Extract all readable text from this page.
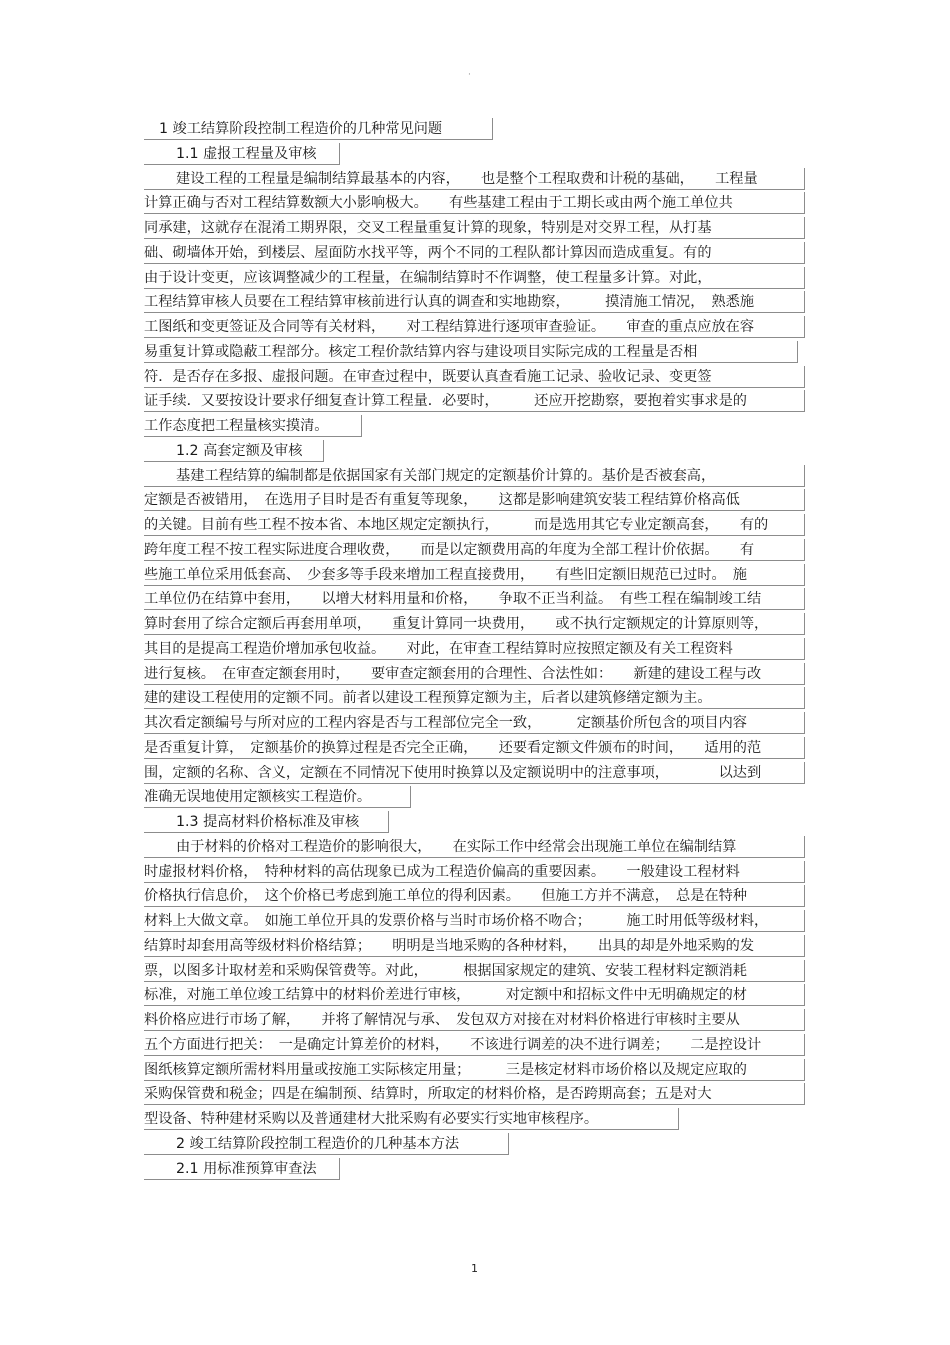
·
1 竣工结算阶段控制工程造价的几种常见问题
1.1 虚报工程量及审核
建设工程的工程量是编制结算最基本的内容，　　也是整个工程取费和计税的基础，　　工程量
计算正确与否对工程结算数额大小影响极大。　　有些基建工程由于工期长或由两个施工单位共
同承建，这就存在混淆工期界限，交叉工程量重复计算的现象，特别是对交界工程，从打基
础、砌墙体开始，到楼层、屋面防水找平等，两个不同的工程队都计算因而造成重复。有的
由于设计变更，应该调整减少的工程量，在编制结算时不作调整，使工程量多计算。对此，
工程结算审核人员要在工程结算审核前进行认真的调查和实地勘察，　　　摸清施工情况，　熟悉施
工图纸和变更签证及合同等有关材料，　　对工程结算进行逐项审查验证。　　审查的重点应放在容
易重复计算或隐蔽工程部分。核定工程价款结算内容与建设项目实际完成的工程量是否相
符．是否存在多报、虚报问题。在审查过程中，既要认真查看施工记录、验收记录、变更签
证手续．又要按设计要求仔细复查计算工程量．必要时，　　　还应开挖勘察，要抱着实事求是的
工作态度把工程量核实摸清。
1.2 高套定额及审核
基建工程结算的编制都是依据国家有关部门规定的定额基价计算的。基价是否被套高，
定额是否被错用，　在选用子目时是否有重复等现象，　　这都是影响建筑安装工程结算价格高低
的关键。目前有些工程不按本省、本地区规定定额执行，　　　而是选用其它专业定额高套，　　有的
跨年度工程不按工程实际进度合理收费，　　而是以定额费用高的年度为全部工程计价依据。　　有
些施工单位采用低套高、　少套多等手段来增加工程直接费用，　　有些旧定额旧规范已过时。　施
工单位仍在结算中套用，　　以增大材料用量和价格，　　争取不正当利益。　有些工程在编制竣工结
算时套用了综合定额后再套用单项，　　重复计算同一块费用，　　或不执行定额规定的计算原则等，
其目的是提高工程造价增加承包收益。　　对此，在审查工程结算时应按照定额及有关工程资料
进行复核。　在审查定额套用时，　　要审查定额套用的合理性、合法性如：　　新建的建设工程与改
建的建设工程使用的定额不同。前者以建设工程预算定额为主，后者以建筑修缮定额为主。
其次看定额编号与所对应的工程内容是否与工程部位完全一致，　　　定额基价所包含的项目内容
是否重复计算，　定额基价的换算过程是否完全正确，　　还要看定额文件颁布的时间，　　适用的范
围，定额的名称、含义，定额在不同情况下使用时换算以及定额说明中的注意事项，　　　　以达到
准确无误地使用定额核实工程造价。
1.3 提高材料价格标准及审核
由于材料的价格对工程造价的影响很大，　　在实际工作中经常会出现施工单位在编制结算
时虚报材料价格，　特种材料的高估现象已成为工程造价偏高的重要因素。　　一般建设工程材料
价格执行信息价，　这个价格已考虑到施工单位的得利因素。　　但施工方并不满意，　总是在特种
材料上大做文章。　如施工单位开具的发票价格与当时市场价格不吻合；　　　施工时用低等级材料，
结算时却套用高等级材料价格结算；　　明明是当地采购的各种材料，　　出具的却是外地采购的发
票，以图多计取材差和采购保管费等。对此，　　　根据国家规定的建筑、安装工程材料定额消耗
标准，对施工单位竣工结算中的材料价差进行审核，　　　对定额中和招标文件中无明确规定的材
料价格应进行市场了解，　　并将了解情况与承、　发包双方对接在对材料价格进行审核时主要从
五个方面进行把关：　一是确定计算差价的材料，　　不该进行调差的决不进行调差；　　二是控设计
图纸核算定额所需材料用量或按施工实际核定用量；　　　三是核定材料市场价格以及规定应取的
采购保管费和税金；四是在编制预、结算时，所取定的材料价格，是否跨期高套；五是对大
型设备、特种建材采购以及普通建材大批采购有必要实行实地审核程序。
2 竣工结算阶段控制工程造价的几种基本方法
2.1 用标准预算审查法
1
